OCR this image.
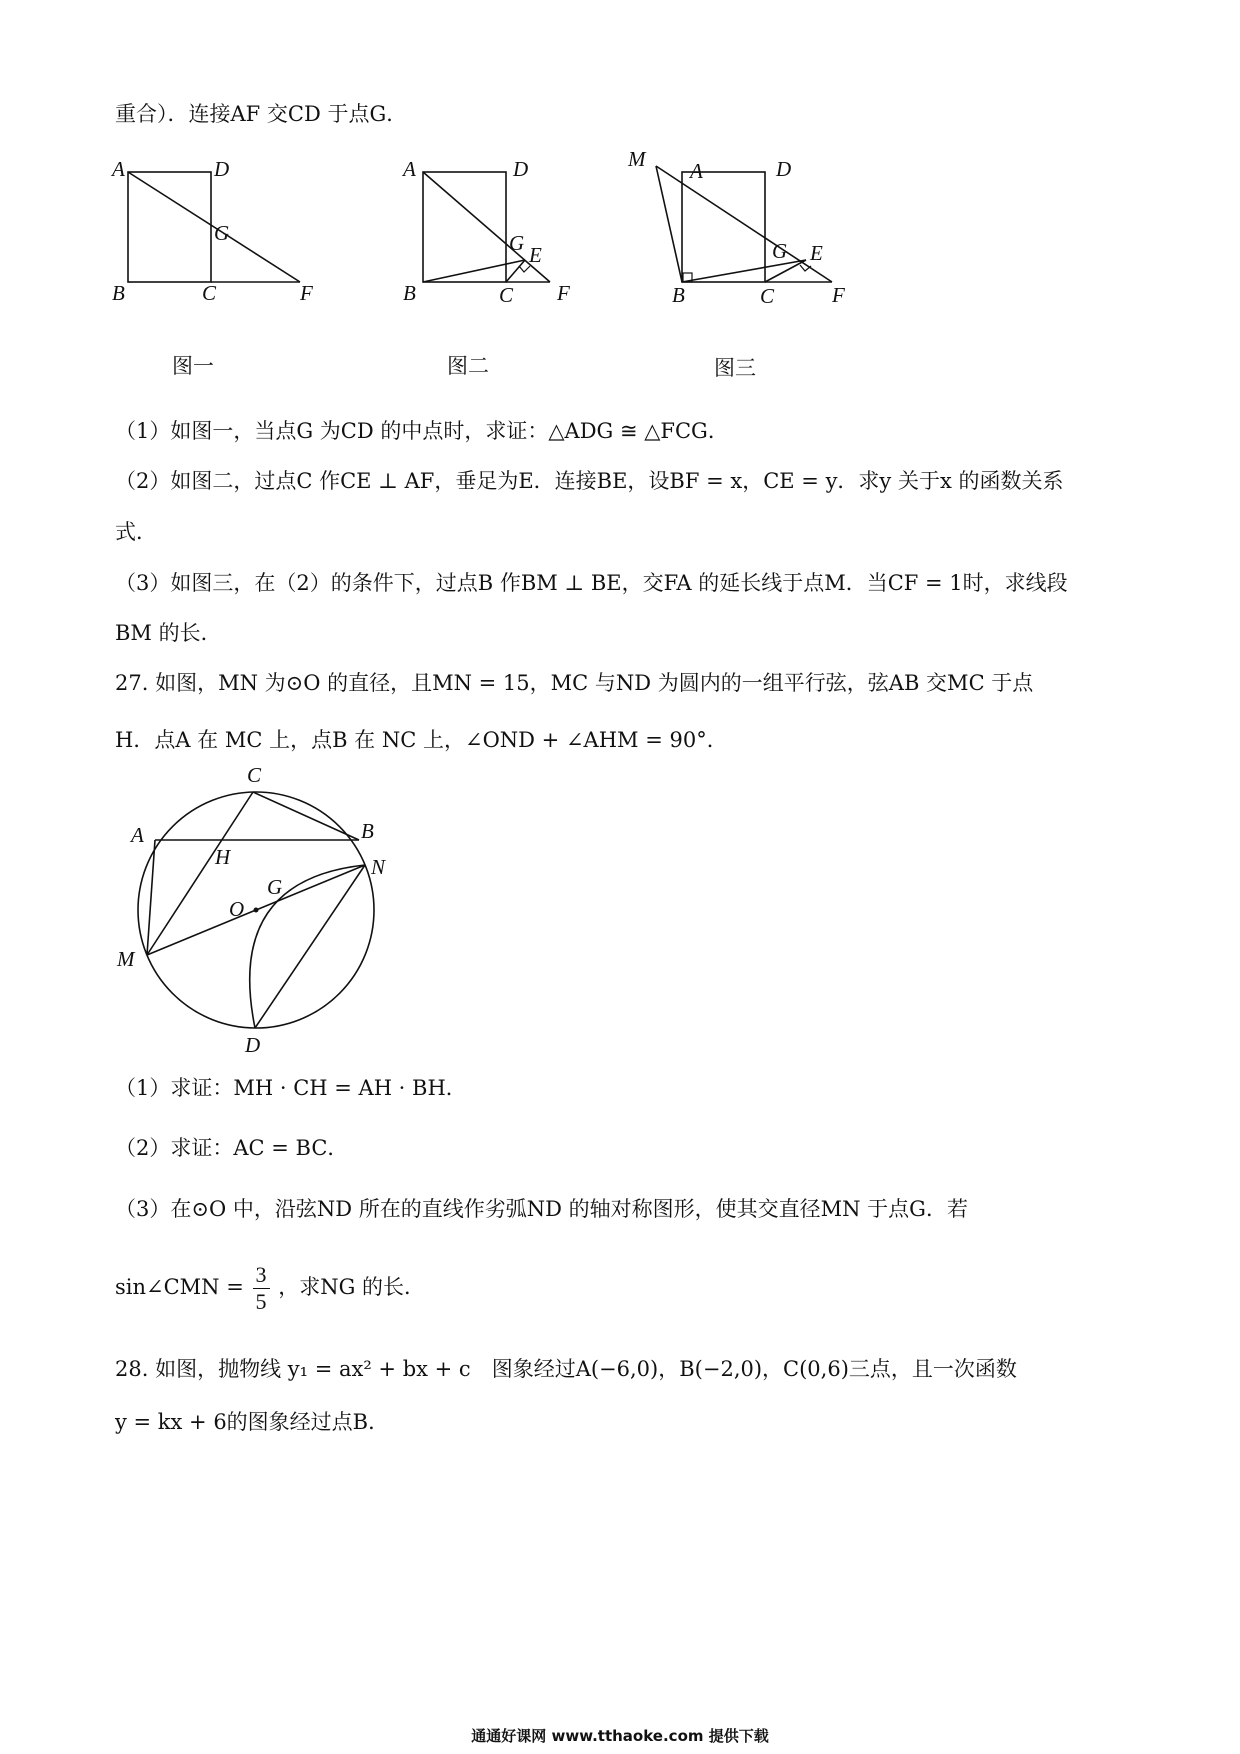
重合）．连接AF 交CD 于点G．
A	D
G
B	C	F
图一
A	D
G E
B	C F
图二
M A	D
G E
B	C	F
图三
（1）如图一，当点G 为CD 的中点时，求证：△ADG ≅ △FCG．
（2）如图二，过点C 作CE ⊥ AF，垂足为E．连接BE，设BF = x，CE = y．求y 关于x 的函数关系
式．
（3）如图三，在（2）的条件下，过点B 作BM ⊥ BE，交FA 的延长线于点M．当CF = 1时，求线段
BM 的长．
27. 如图，MN 为⊙O 的直径，且MN = 15，MC 与ND 为圆内的一组平行弦，弦AB 交MC 于点
H．点A 在 MC 上，点B 在 NC 上，∠OND + ∠AHM = 90°．
C
A	B
H	N
O
G
M
D
（1）求证：MH · CH = AH · BH．
（2）求证：AC = BC．
（3）在⊙O 中，沿弦ND 所在的直线作劣弧ND 的轴对称图形，使其交直径MN 于点G．若
sin∠CMN = $\frac{3}{5}$ ，求NG 的长．
28. 如图，抛物线 y₁ = ax² + bx + c　图象经过A(−6,0)，B(−2,0)，C(0,6)三点，且一次函数
y = kx + 6的图象经过点B．
通通好课网 www.tthaoke.com 提供下载
